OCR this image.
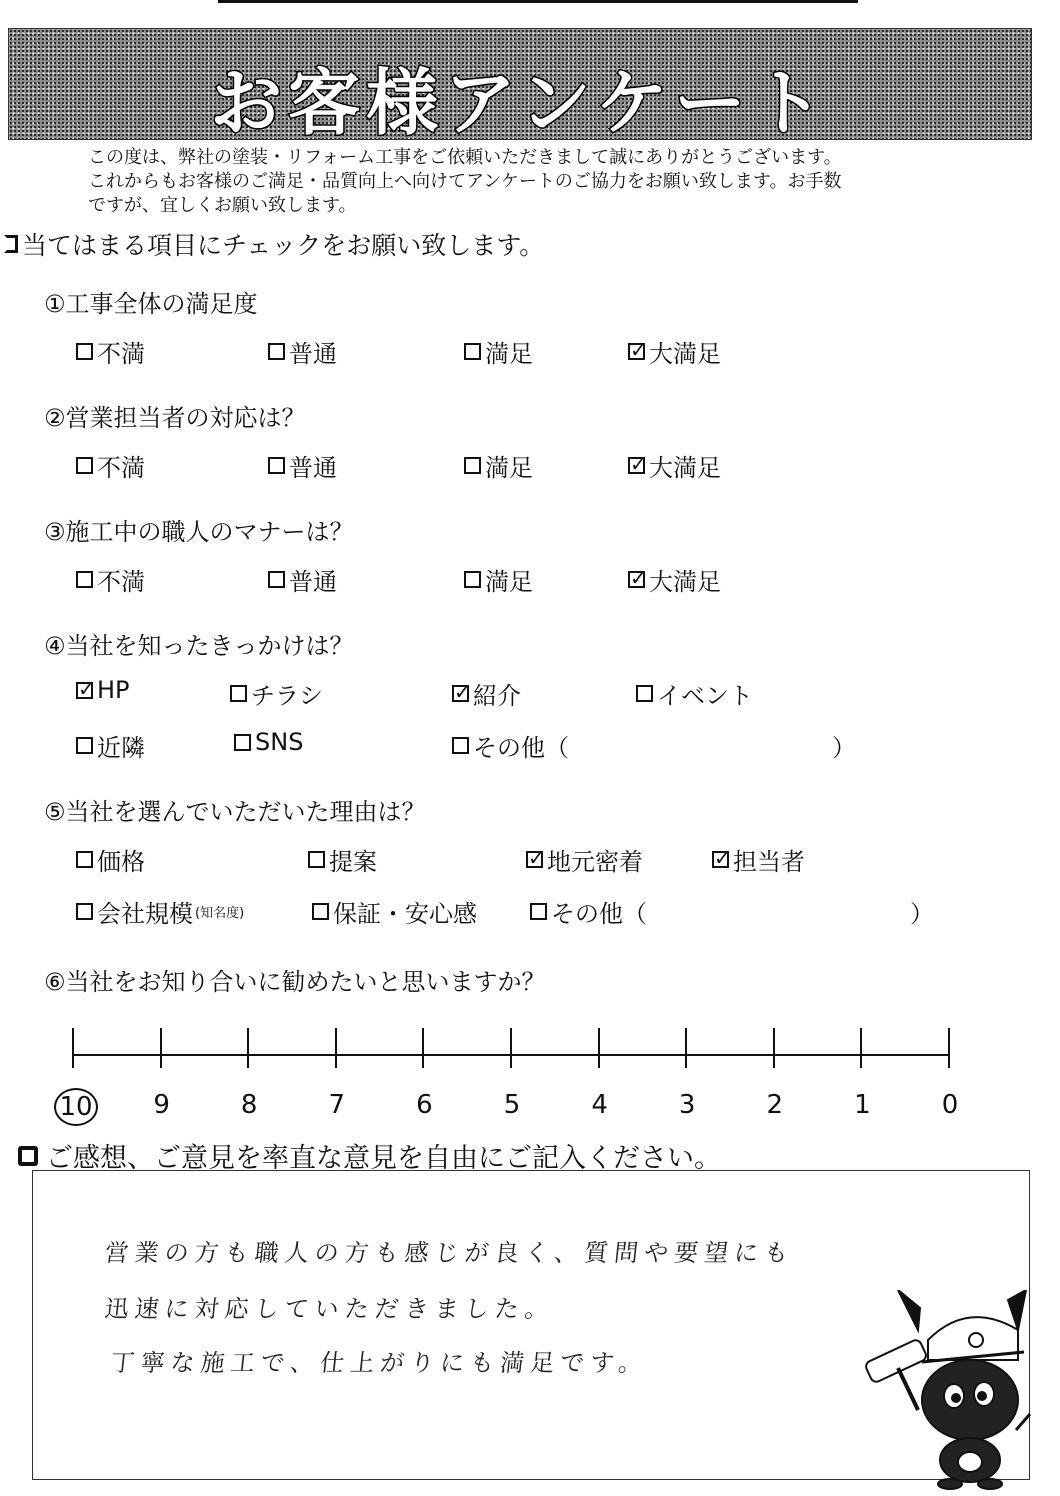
お客様アンケート
この度は、弊社の塗装・リフォーム工事をご依頼いただきまして誠にありがとうございます。
これからもお客様のご満足・品質向上へ向けてアンケートのご協力をお願い致します。お手数
ですが、宜しくお願い致します。
当てはまる項目にチェックをお願い致します。
①工事全体の満足度
不満	普通	満足 ✓	大満足
②営業担当者の対応は？
不満	普通	満足 ✓	大満足
③施工中の職人のマナーは？
不満	普通	満足 ✓	大満足
④当社を知ったきっかけは？
✓
HP	チラシ ✓	紹介	イベント
近隣	SNS	その他（	）
⑤当社を選んでいただいた理由は？
価格	提案 ✓	地元密着 ✓	担当者
会社規模 (知名度)	保証・安心感	その他（	）
⑥当社をお知り合いに勧めたいと思いますか？
10	9	8	7	6	5	4	3	2	1	0
ご感想、ご意見を率直な意見を自由にご記入ください。
営業の方も職人の方も感じが良く、質問や要望にも
迅速に対応していただきました。
丁寧な施工で、仕上がりにも満足です。
